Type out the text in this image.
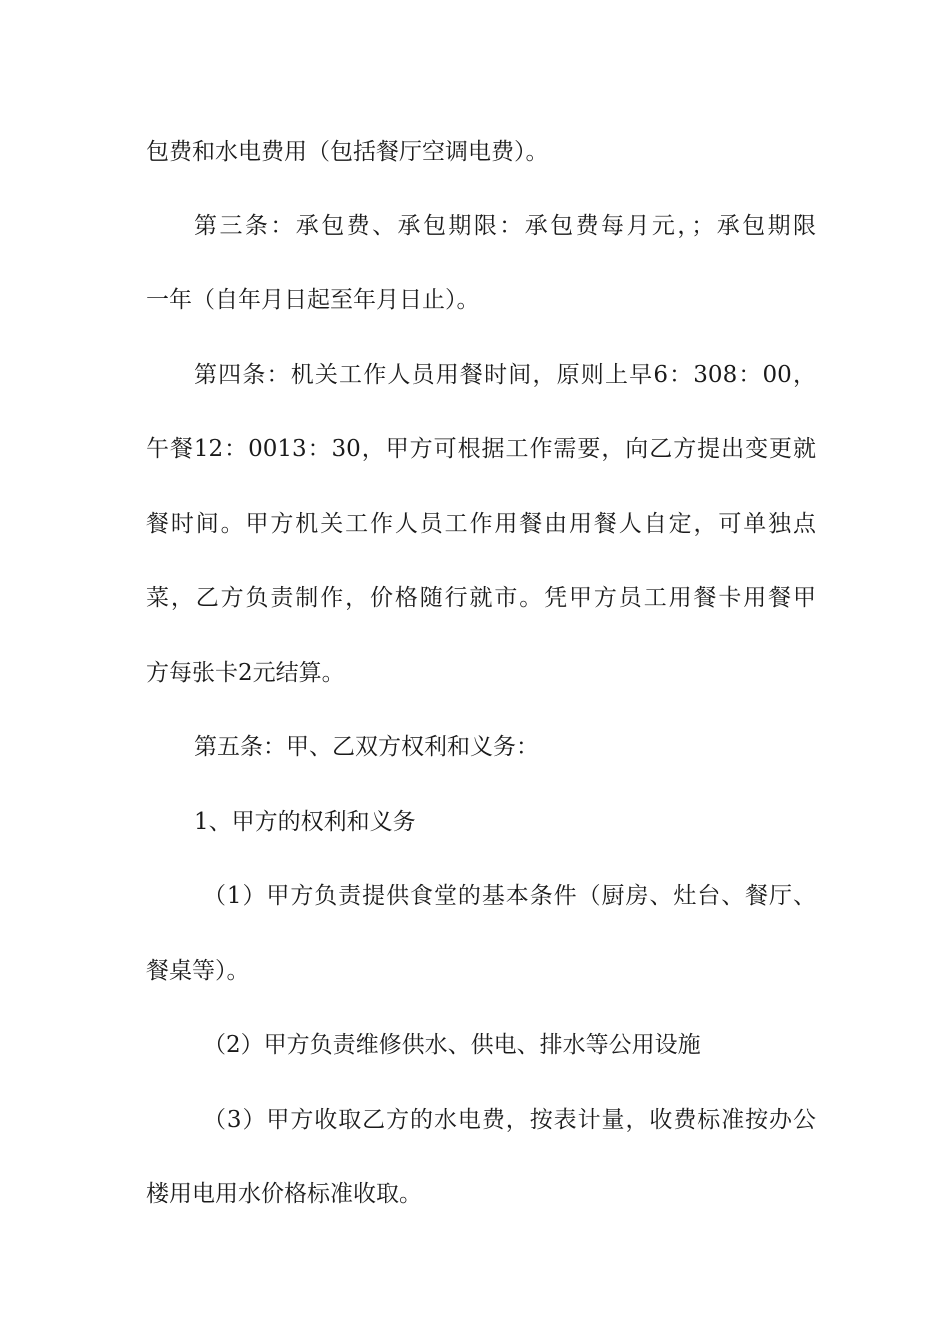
包费和水电费用（包括餐厅空调电费）。
第三条：承包费、承包期限：承包费每月元，；承包期限
一年（自年月日起至年月日止）。
第四条：机关工作人员用餐时间，原则上早6：308：00，
午餐12：0013：30，甲方可根据工作需要，向乙方提出变更就
餐时间。甲方机关工作人员工作用餐由用餐人自定，可单独点
菜，乙方负责制作，价格随行就市。凭甲方员工用餐卡用餐甲
方每张卡2元结算。
第五条：甲、乙双方权利和义务：
1、甲方的权利和义务
（1）甲方负责提供食堂的基本条件（厨房、灶台、餐厅、
餐桌等）。
（2）甲方负责维修供水、供电、排水等公用设施
（3）甲方收取乙方的水电费，按表计量，收费标准按办公
楼用电用水价格标准收取。
